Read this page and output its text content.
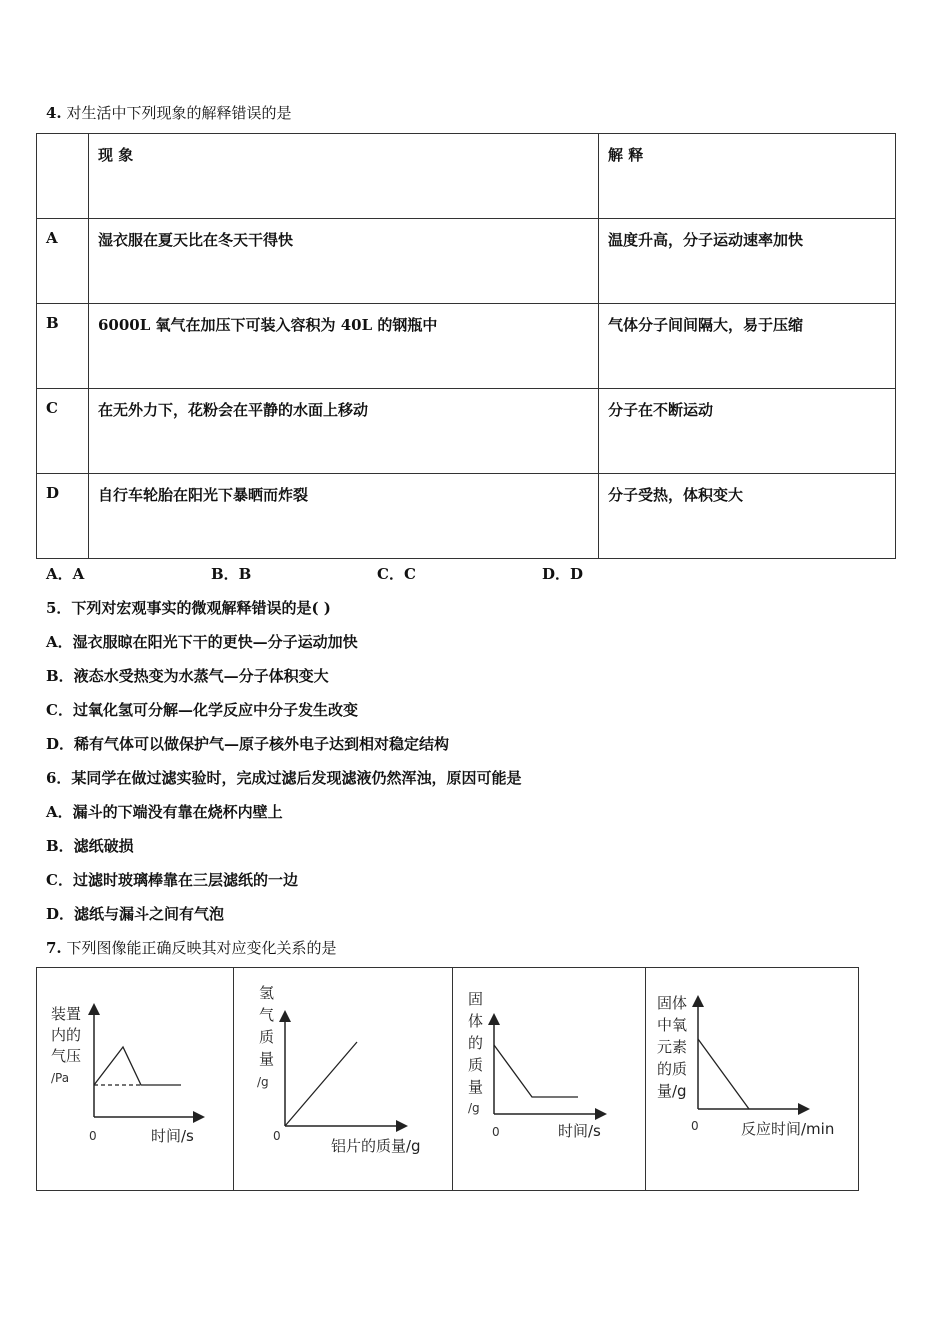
4. 对生活中下列现象的解释错误的是
	现 象	解 释
A	湿衣服在夏天比在冬天干得快	温度升高，分子运动速率加快
B	6000L 氧气在加压下可装入容积为 40L 的钢瓶中	气体分子间间隔大，易于压缩
C	在无外力下，花粉会在平静的水面上移动	分子在不断运动
D	自行车轮胎在阳光下暴晒而炸裂	分子受热，体积变大
A．A	B．B	C．C	D．D
5．下列对宏观事实的微观解释错误的是( )
A．湿衣服晾在阳光下干的更快—分子运动加快
B．液态水受热变为水蒸气—分子体积变大
C．过氧化氢可分解—化学反应中分子发生改变
D．稀有气体可以做保护气—原子核外电子达到相对稳定结构
6．某同学在做过滤实验时，完成过滤后发现滤液仍然浑浊，原因可能是
A．漏斗的下端没有靠在烧杯内壁上
B．滤纸破损
C．过滤时玻璃棒靠在三层滤纸的一边
D．滤纸与漏斗之间有气泡
7. 下列图像能正确反映其对应变化关系的是
装置
内的
气压
/Pa
0	时间/s
氢
气
质
量
/g
0
铝片的质量/g
固
体
的
质
量
/g
0	时间/s
固体
中氧
元素
的质
量/g
0	反应时间/min
